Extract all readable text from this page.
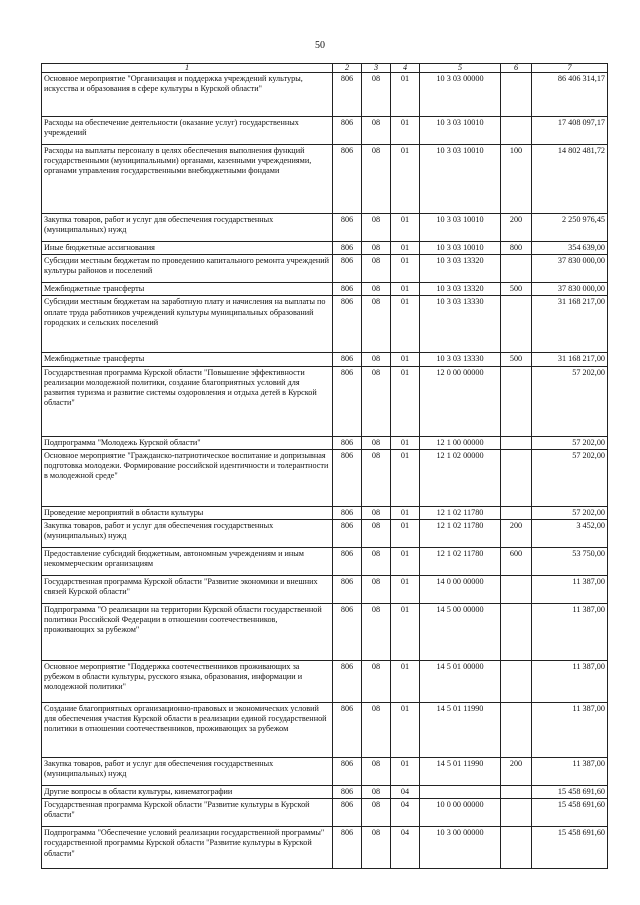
50
1	2	3	4	5	6	7
Основное мероприятие "Организация и поддержка учреждений культуры, искусства и образования в сфере культуры в Курской области"	806	08	01	10 3 03 00000		86 406 314,17
Расходы на обеспечение деятельности (оказание услуг) государственных учреждений	806	08	01	10 3 03 10010		17 408 097,17
Расходы на выплаты персоналу в целях обеспечения выполнения функций государственными (муниципальными) органами, казенными учреждениями, органами управления государственными внебюджетными фондами	806	08	01	10 3 03 10010	100	14 802 481,72
Закупка товаров, работ и услуг для обеспечения государственных (муниципальных) нужд	806	08	01	10 3 03 10010	200	2 250 976,45
Иные бюджетные ассигнования	806	08	01	10 3 03 10010	800	354 639,00
Субсидии местным бюджетам по проведению капитального ремонта учреждений культуры районов и поселений	806	08	01	10 3 03 13320		37 830 000,00
Межбюджетные трансферты	806	08	01	10 3 03 13320	500	37 830 000,00
Субсидии местным бюджетам на заработную плату и начисления на выплаты по оплате труда работников учреждений культуры муниципальных образований городских и сельских поселений	806	08	01	10 3 03 13330		31 168 217,00
Межбюджетные трансферты	806	08	01	10 3 03 13330	500	31 168 217,00
Государственная программа Курской области "Повышение эффективности реализации молодежной политики, создание благоприятных условий для развития туризма и развитие системы оздоровления и отдыха детей в Курской области"	806	08	01	12 0 00 00000		57 202,00
Подпрограмма "Молодежь Курской области"	806	08	01	12 1 00 00000		57 202,00
Основное мероприятие "Гражданско-патриотическое воспитание и допризывная подготовка молодежи. Формирование российской идентичности и толерантности в молодежной среде"	806	08	01	12 1 02 00000		57 202,00
Проведение мероприятий в области культуры	806	08	01	12 1 02 11780		57 202,00
Закупка товаров, работ и услуг для обеспечения государственных (муниципальных) нужд	806	08	01	12 1 02 11780	200	3 452,00
Предоставление субсидий бюджетным, автономным учреждениям и иным некоммерческим организациям	806	08	01	12 1 02 11780	600	53 750,00
Государственная программа Курской области "Развитие экономики и внешних связей Курской области"	806	08	01	14 0 00 00000		11 387,00
Подпрограмма "О реализации на территории Курской области государственной политики Российской Федерации в отношении соотечественников, проживающих за рубежом"	806	08	01	14 5 00 00000		11 387,00
Основное мероприятие "Поддержка соотечественников проживающих за рубежом в области культуры, русского языка, образования, информации и молодежной политики"	806	08	01	14 5 01 00000		11 387,00
Создание благоприятных организационно-правовых и экономических условий для обеспечения участия Курской области в реализации единой государственной политики в отношении соотечественников, проживающих за рубежом	806	08	01	14 5 01 11990		11 387,00
Закупка товаров, работ и услуг для обеспечения государственных (муниципальных) нужд	806	08	01	14 5 01 11990	200	11 387,00
Другие вопросы в области культуры, кинематографии	806	08	04			15 458 691,60
Государственная программа Курской области "Развитие культуры в Курской области"	806	08	04	10 0 00 00000		15 458 691,60
Подпрограмма "Обеспечение условий реализации государственной программы" государственной программы Курской области "Развитие культуры в Курской области"	806	08	04	10 3 00 00000		15 458 691,60
